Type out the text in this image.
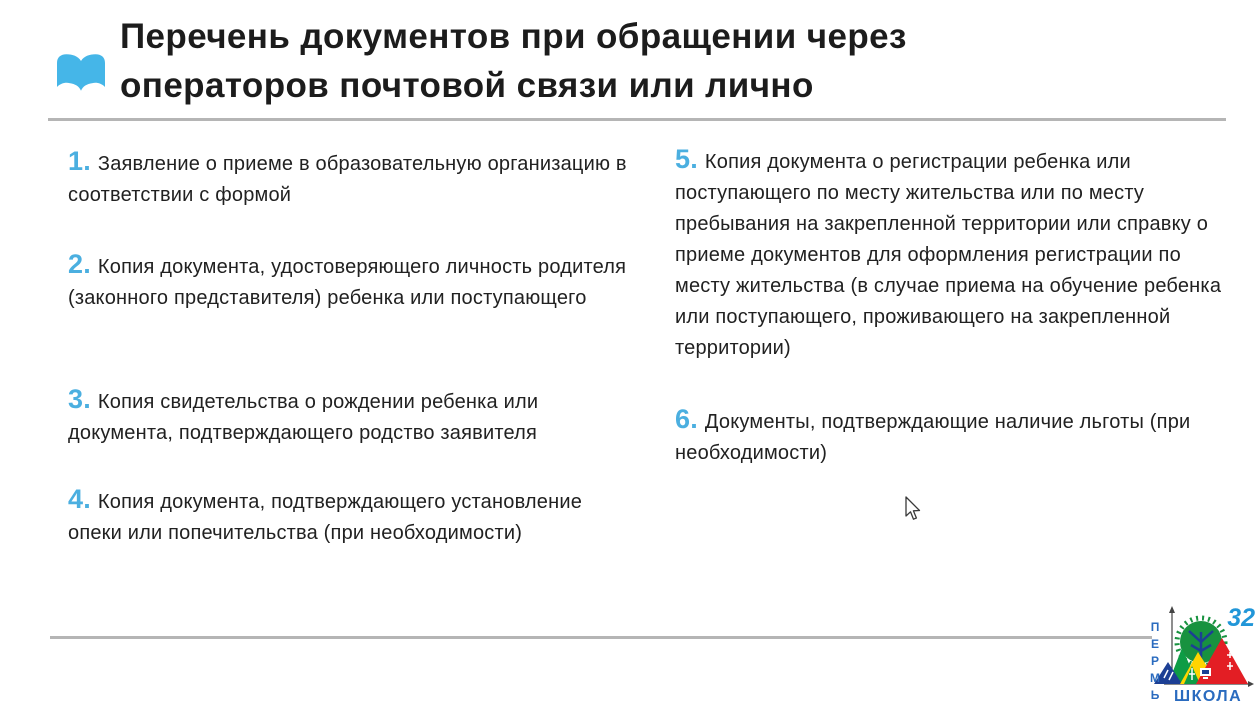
Перечень документов при обращении через
операторов почтовой связи или лично

1. Заявление о приеме в образовательную организацию в соответствии с формой

2. Копия документа, удостоверяющего личность родителя (законного представителя) ребенка или поступающего

3. Копия свидетельства о рождении ребенка или документа, подтверждающего родство заявителя

4. Копия документа, подтверждающего установление опеки или попечительства (при необходимости)

5. Копия документа о регистрации ребенка или поступающего по месту жительства или по месту пребывания на закрепленной территории или справку о приеме документов для оформления регистрации по месту жительства (в случае приема на обучение ребенка или поступающего, проживающего на закрепленной территории)

6. Документы, подтверждающие наличие льготы (при необходимости)

ПЕРМЬ
32
ШКОЛА
